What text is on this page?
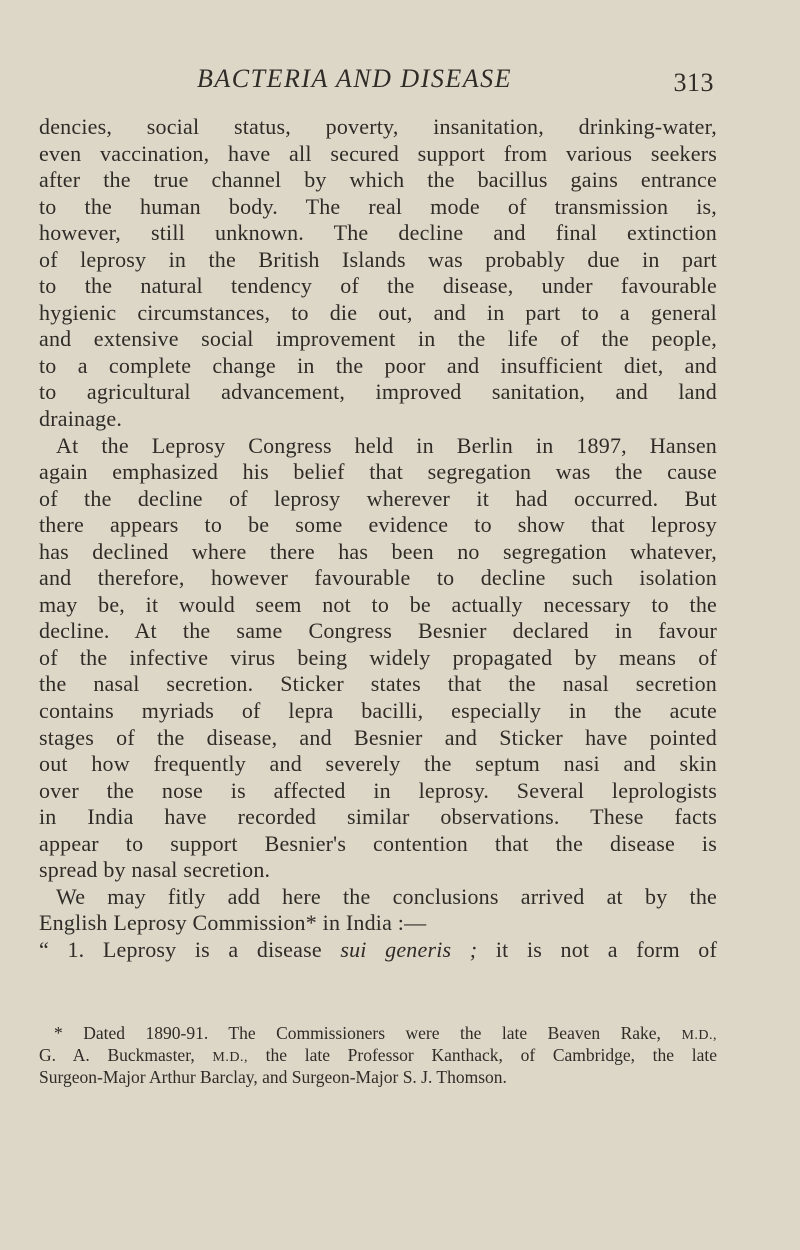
BACTERIA AND DISEASE	313
dencies, social status, poverty, insanitation, drinking-water,
even vaccination, have all secured support from various seekers
after the true channel by which the bacillus gains entrance
to the human body. The real mode of transmission is,
however, still unknown. The decline and final extinction
of leprosy in the British Islands was probably due in part
to the natural tendency of the disease, under favourable
hygienic circumstances, to die out, and in part to a general
and extensive social improvement in the life of the people,
to a complete change in the poor and insufficient diet, and
to agricultural advancement, improved sanitation, and land
drainage.
At the Leprosy Congress held in Berlin in 1897, Hansen
again emphasized his belief that segregation was the cause
of the decline of leprosy wherever it had occurred. But
there appears to be some evidence to show that leprosy
has declined where there has been no segregation whatever,
and therefore, however favourable to decline such isolation
may be, it would seem not to be actually necessary to the
decline. At the same Congress Besnier declared in favour
of the infective virus being widely propagated by means of
the nasal secretion. Sticker states that the nasal secretion
contains myriads of lepra bacilli, especially in the acute
stages of the disease, and Besnier and Sticker have pointed
out how frequently and severely the septum nasi and skin
over the nose is affected in leprosy. Several leprologists
in India have recorded similar observations. These facts
appear to support Besnier's contention that the disease is
spread by nasal secretion.
We may fitly add here the conclusions arrived at by the
English Leprosy Commission* in India :—
“ 1. Leprosy is a disease sui generis ; it is not a form of
* Dated 1890-91. The Commissioners were the late Beaven Rake, M.D.,
G. A. Buckmaster, M.D., the late Professor Kanthack, of Cambridge, the late
Surgeon-Major Arthur Barclay, and Surgeon-Major S. J. Thomson.
